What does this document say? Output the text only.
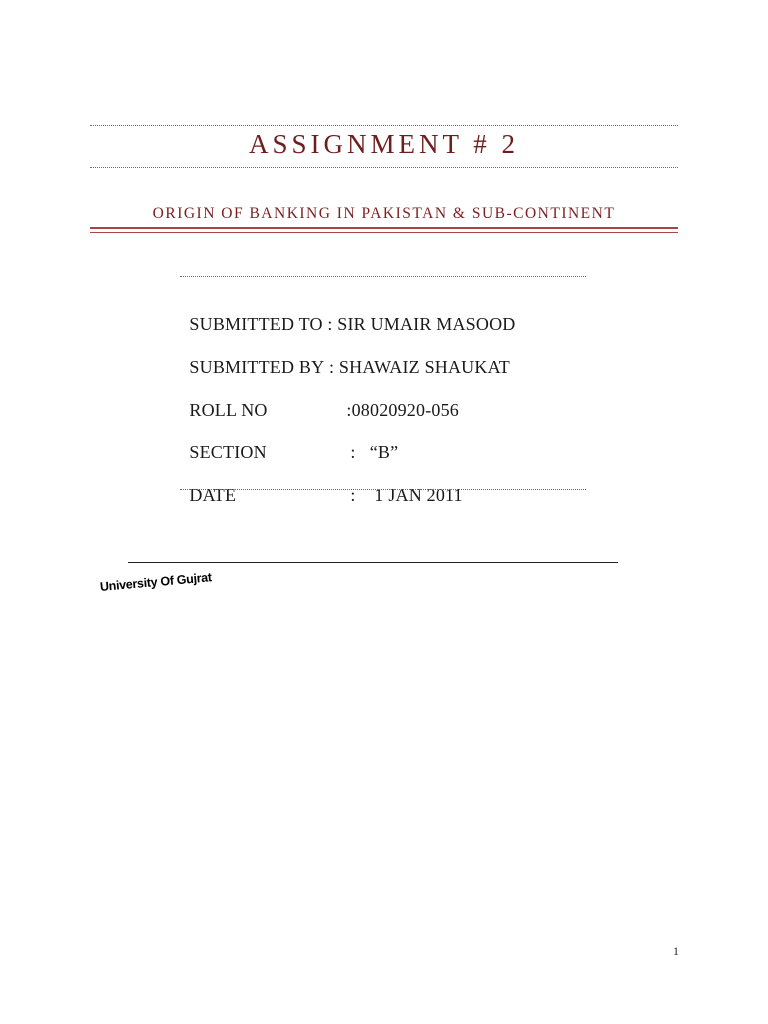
ASSIGNMENT # 2
ORIGIN OF BANKING IN PAKISTAN & SUB-CONTINENT

SUBMITTED TO : SIR UMAIR MASOOD

SUBMITTED BY : SHAWAIZ SHAUKAT

ROLL NO	:08020920-056

SECTION	:   “B”

DATE	:    1 JAN 2011

University Of Gujrat
1
